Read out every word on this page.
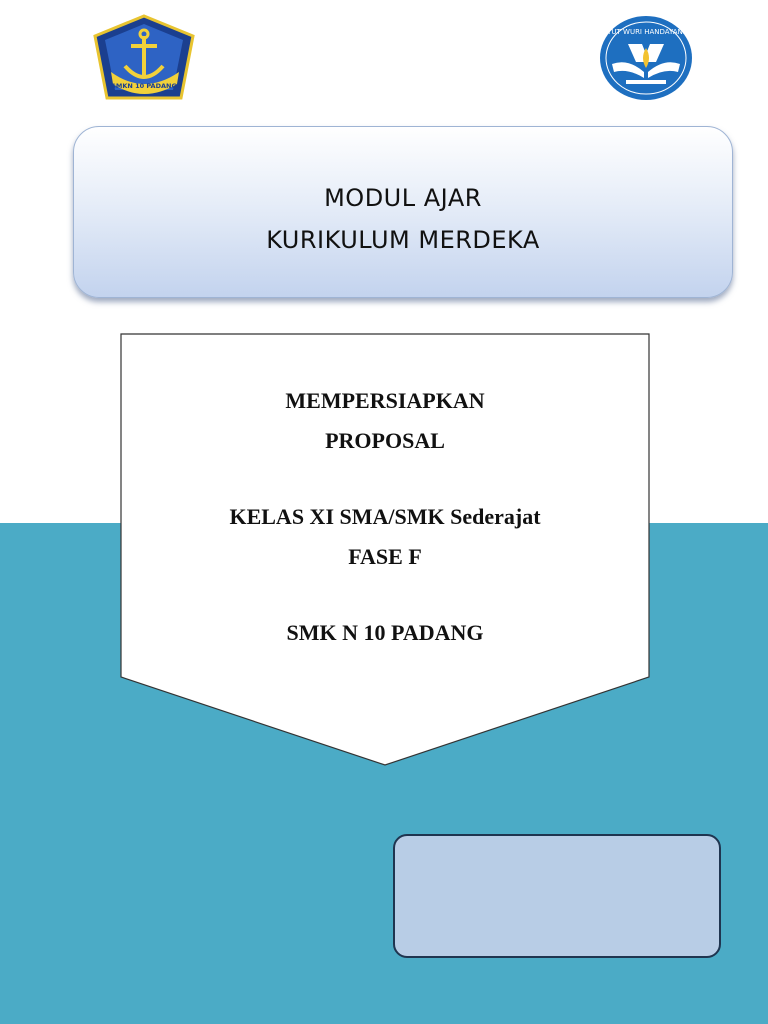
SMKN 10 PADANG
TUT WURI HANDAYANI
MODUL AJAR
KURIKULUM MERDEKA
MEMPERSIAPKAN
PROPOSAL
KELAS XI SMA/SMK Sederajat
FASE F
SMK N 10 PADANG
